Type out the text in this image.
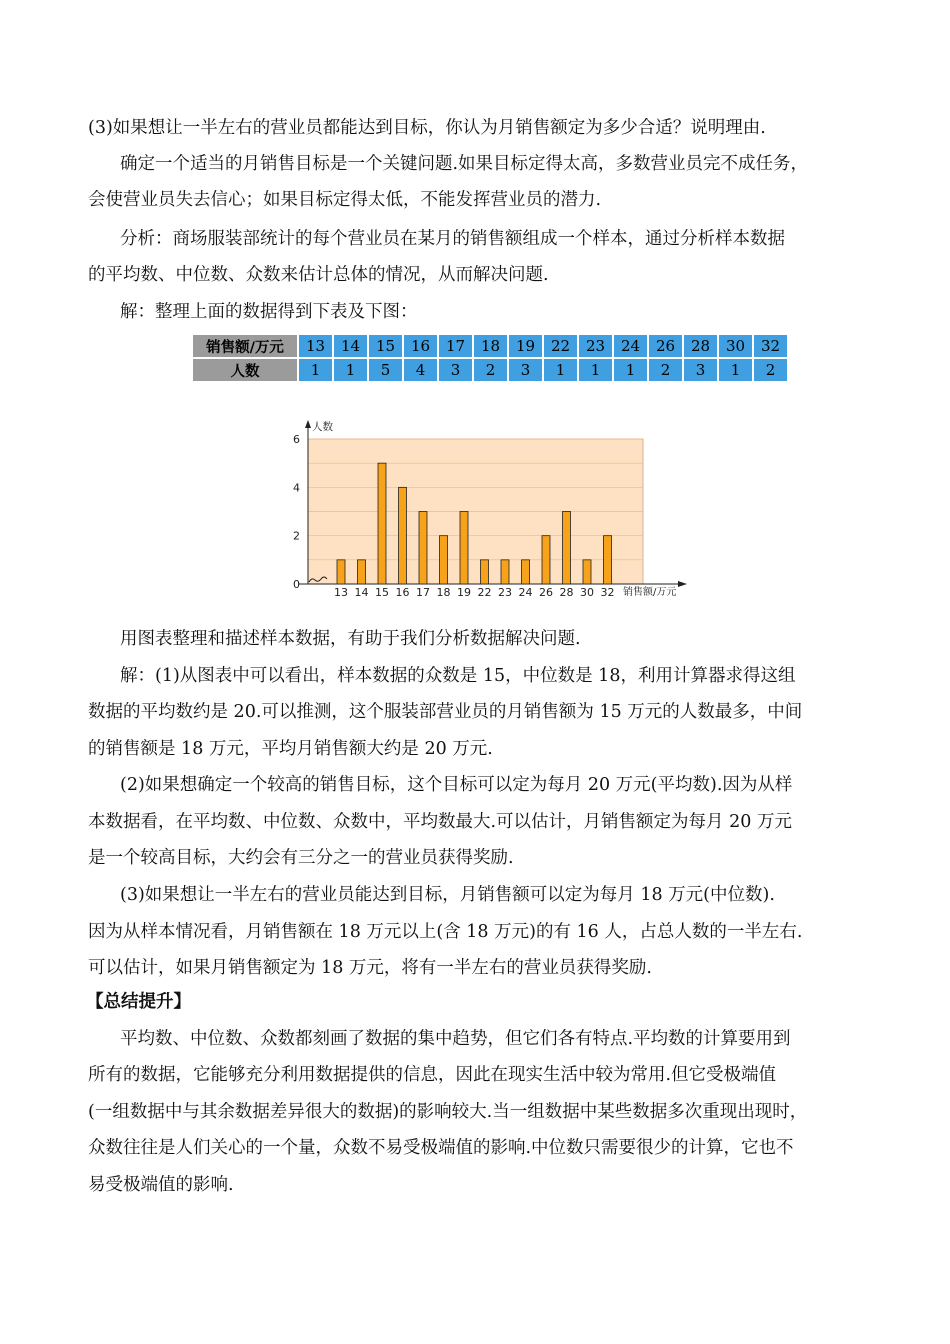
(3)如果想让一半左右的营业员都能达到目标，你认为月销售额定为多少合适？说明理由.
确定一个适当的月销售目标是一个关键问题.如果目标定得太高，多数营业员完不成任务，
会使营业员失去信心；如果目标定得太低，不能发挥营业员的潜力.
分析：商场服装部统计的每个营业员在某月的销售额组成一个样本，通过分析样本数据
的平均数、中位数、众数来估计总体的情况，从而解决问题.
解：整理上面的数据得到下表及下图：
销售额/万元	13	14	15	16	17	18	19	22	23	24	26	28	30	32
人数	1	1	5	4	3	2	3	1	1	1	2	3	1	2
0
2
4
6
人数
销售额/万元
13 14 15 16 17 18 19 22 23 24 26 28 30 32
用图表整理和描述样本数据，有助于我们分析数据解决问题.
解：(1)从图表中可以看出，样本数据的众数是 15，中位数是 18，利用计算器求得这组
数据的平均数约是 20.可以推测，这个服装部营业员的月销售额为 15 万元的人数最多，中间
的销售额是 18 万元，平均月销售额大约是 20 万元.
(2)如果想确定一个较高的销售目标，这个目标可以定为每月 20 万元(平均数).因为从样
本数据看，在平均数、中位数、众数中，平均数最大.可以估计，月销售额定为每月 20 万元
是一个较高目标，大约会有三分之一的营业员获得奖励.
(3)如果想让一半左右的营业员能达到目标，月销售额可以定为每月 18 万元(中位数).
因为从样本情况看，月销售额在 18 万元以上(含 18 万元)的有 16 人，占总人数的一半左右.
可以估计，如果月销售额定为 18 万元，将有一半左右的营业员获得奖励.
【总结提升】
平均数、中位数、众数都刻画了数据的集中趋势，但它们各有特点.平均数的计算要用到
所有的数据，它能够充分利用数据提供的信息，因此在现实生活中较为常用.但它受极端值
(一组数据中与其余数据差异很大的数据)的影响较大.当一组数据中某些数据多次重现出现时，
众数往往是人们关心的一个量，众数不易受极端值的影响.中位数只需要很少的计算，它也不
易受极端值的影响.
